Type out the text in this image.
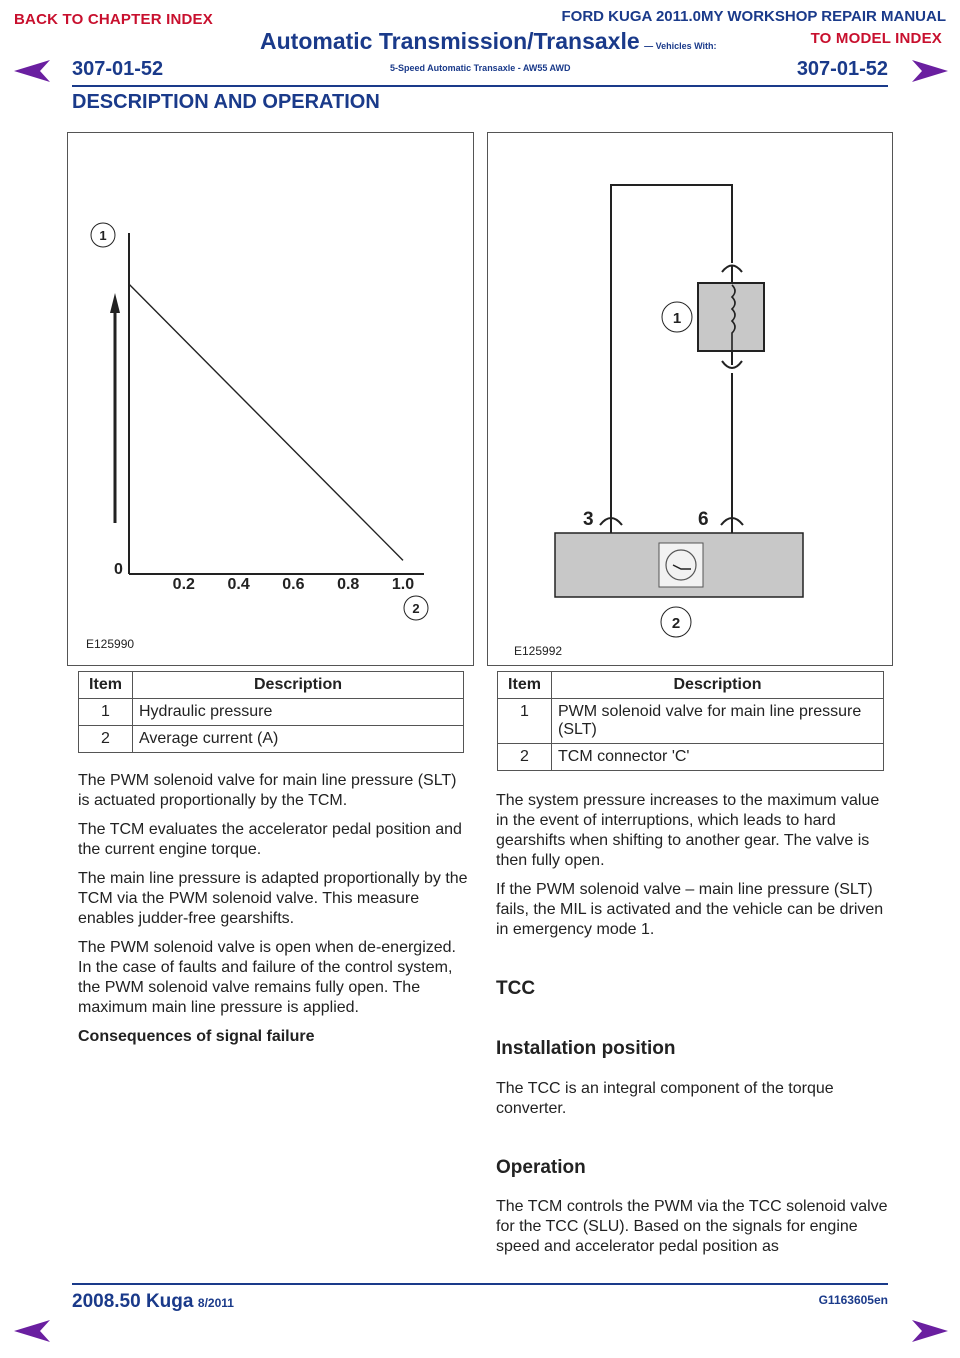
BACK TO CHAPTER INDEX	FORD KUGA 2011.0MY WORKSHOP REPAIR MANUAL
TO MODEL INDEX
Automatic Transmission/Transaxle — Vehicles With:
5-Speed Automatic Transaxle - AW55 AWD
307-01-52	307-01-52
DESCRIPTION AND OPERATION
0
0.2 0.4 0.6 0.8 1.0
1
2
E125990
1
3	6
2
E125992
Item	Description
1	Hydraulic pressure
2	Average current (A)
Item	Description
1	PWM solenoid valve for main line pressure (SLT)
2	TCM connector 'C'

The PWM solenoid valve for main line pressure (SLT) is actuated proportionally by the TCM.

The TCM evaluates the accelerator pedal position and the current engine torque.

The main line pressure is adapted proportionally by the TCM via the PWM solenoid valve. This measure enables judder-free gearshifts.

The PWM solenoid valve is open when de-energized. In the case of faults and failure of the control system, the PWM solenoid valve remains fully open. The maximum main line pressure is applied.

Consequences of signal failure

The system pressure increases to the maximum value in the event of interruptions, which leads to hard gearshifts when shifting to another gear. The valve is then fully open.

If the PWM solenoid valve – main line pressure (SLT) fails, the MIL is activated and the vehicle can be driven in emergency mode 1.

TCC
Installation position

The TCC is an integral component of the torque converter.

Operation

The TCM controls the PWM via the TCC solenoid valve for the TCC (SLU). Based on the signals for engine speed and accelerator pedal position as

2008.50 Kuga 8/2011	G1163605en
